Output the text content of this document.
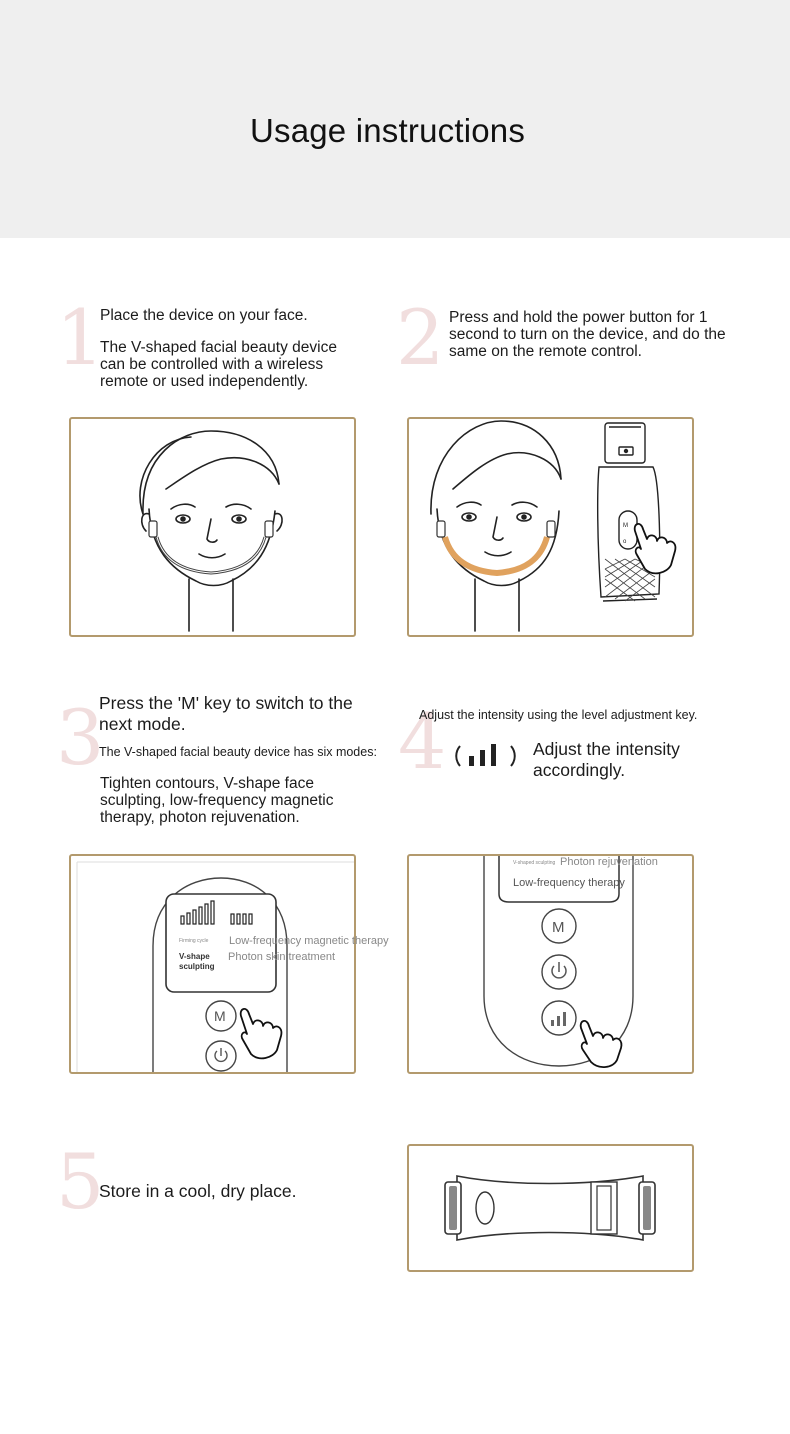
Usage instructions
1
Place the device on your face.
The V-shaped facial beauty device can be controlled with a wireless remote or used independently.	2 Press and hold the power button for 1 second to turn on the device, and do the same on the remote control.
M
o
3
Press the 'M' key to switch to the next mode.
The V-shaped facial beauty device has six modes:
Tighten contours, V-shape face sculpting, low-frequency magnetic therapy, photon rejuvenation.
4
Adjust the intensity using the level adjustment key.
Adjust the intensity accordingly.
M
Firming cycle Low-frequency magnetic therapy
V-shape sculpting
Photon skin treatment
M
V-shaped sculpting Photon rejuvenation
Low-frequency therapy
5
Store in a cool, dry place.
